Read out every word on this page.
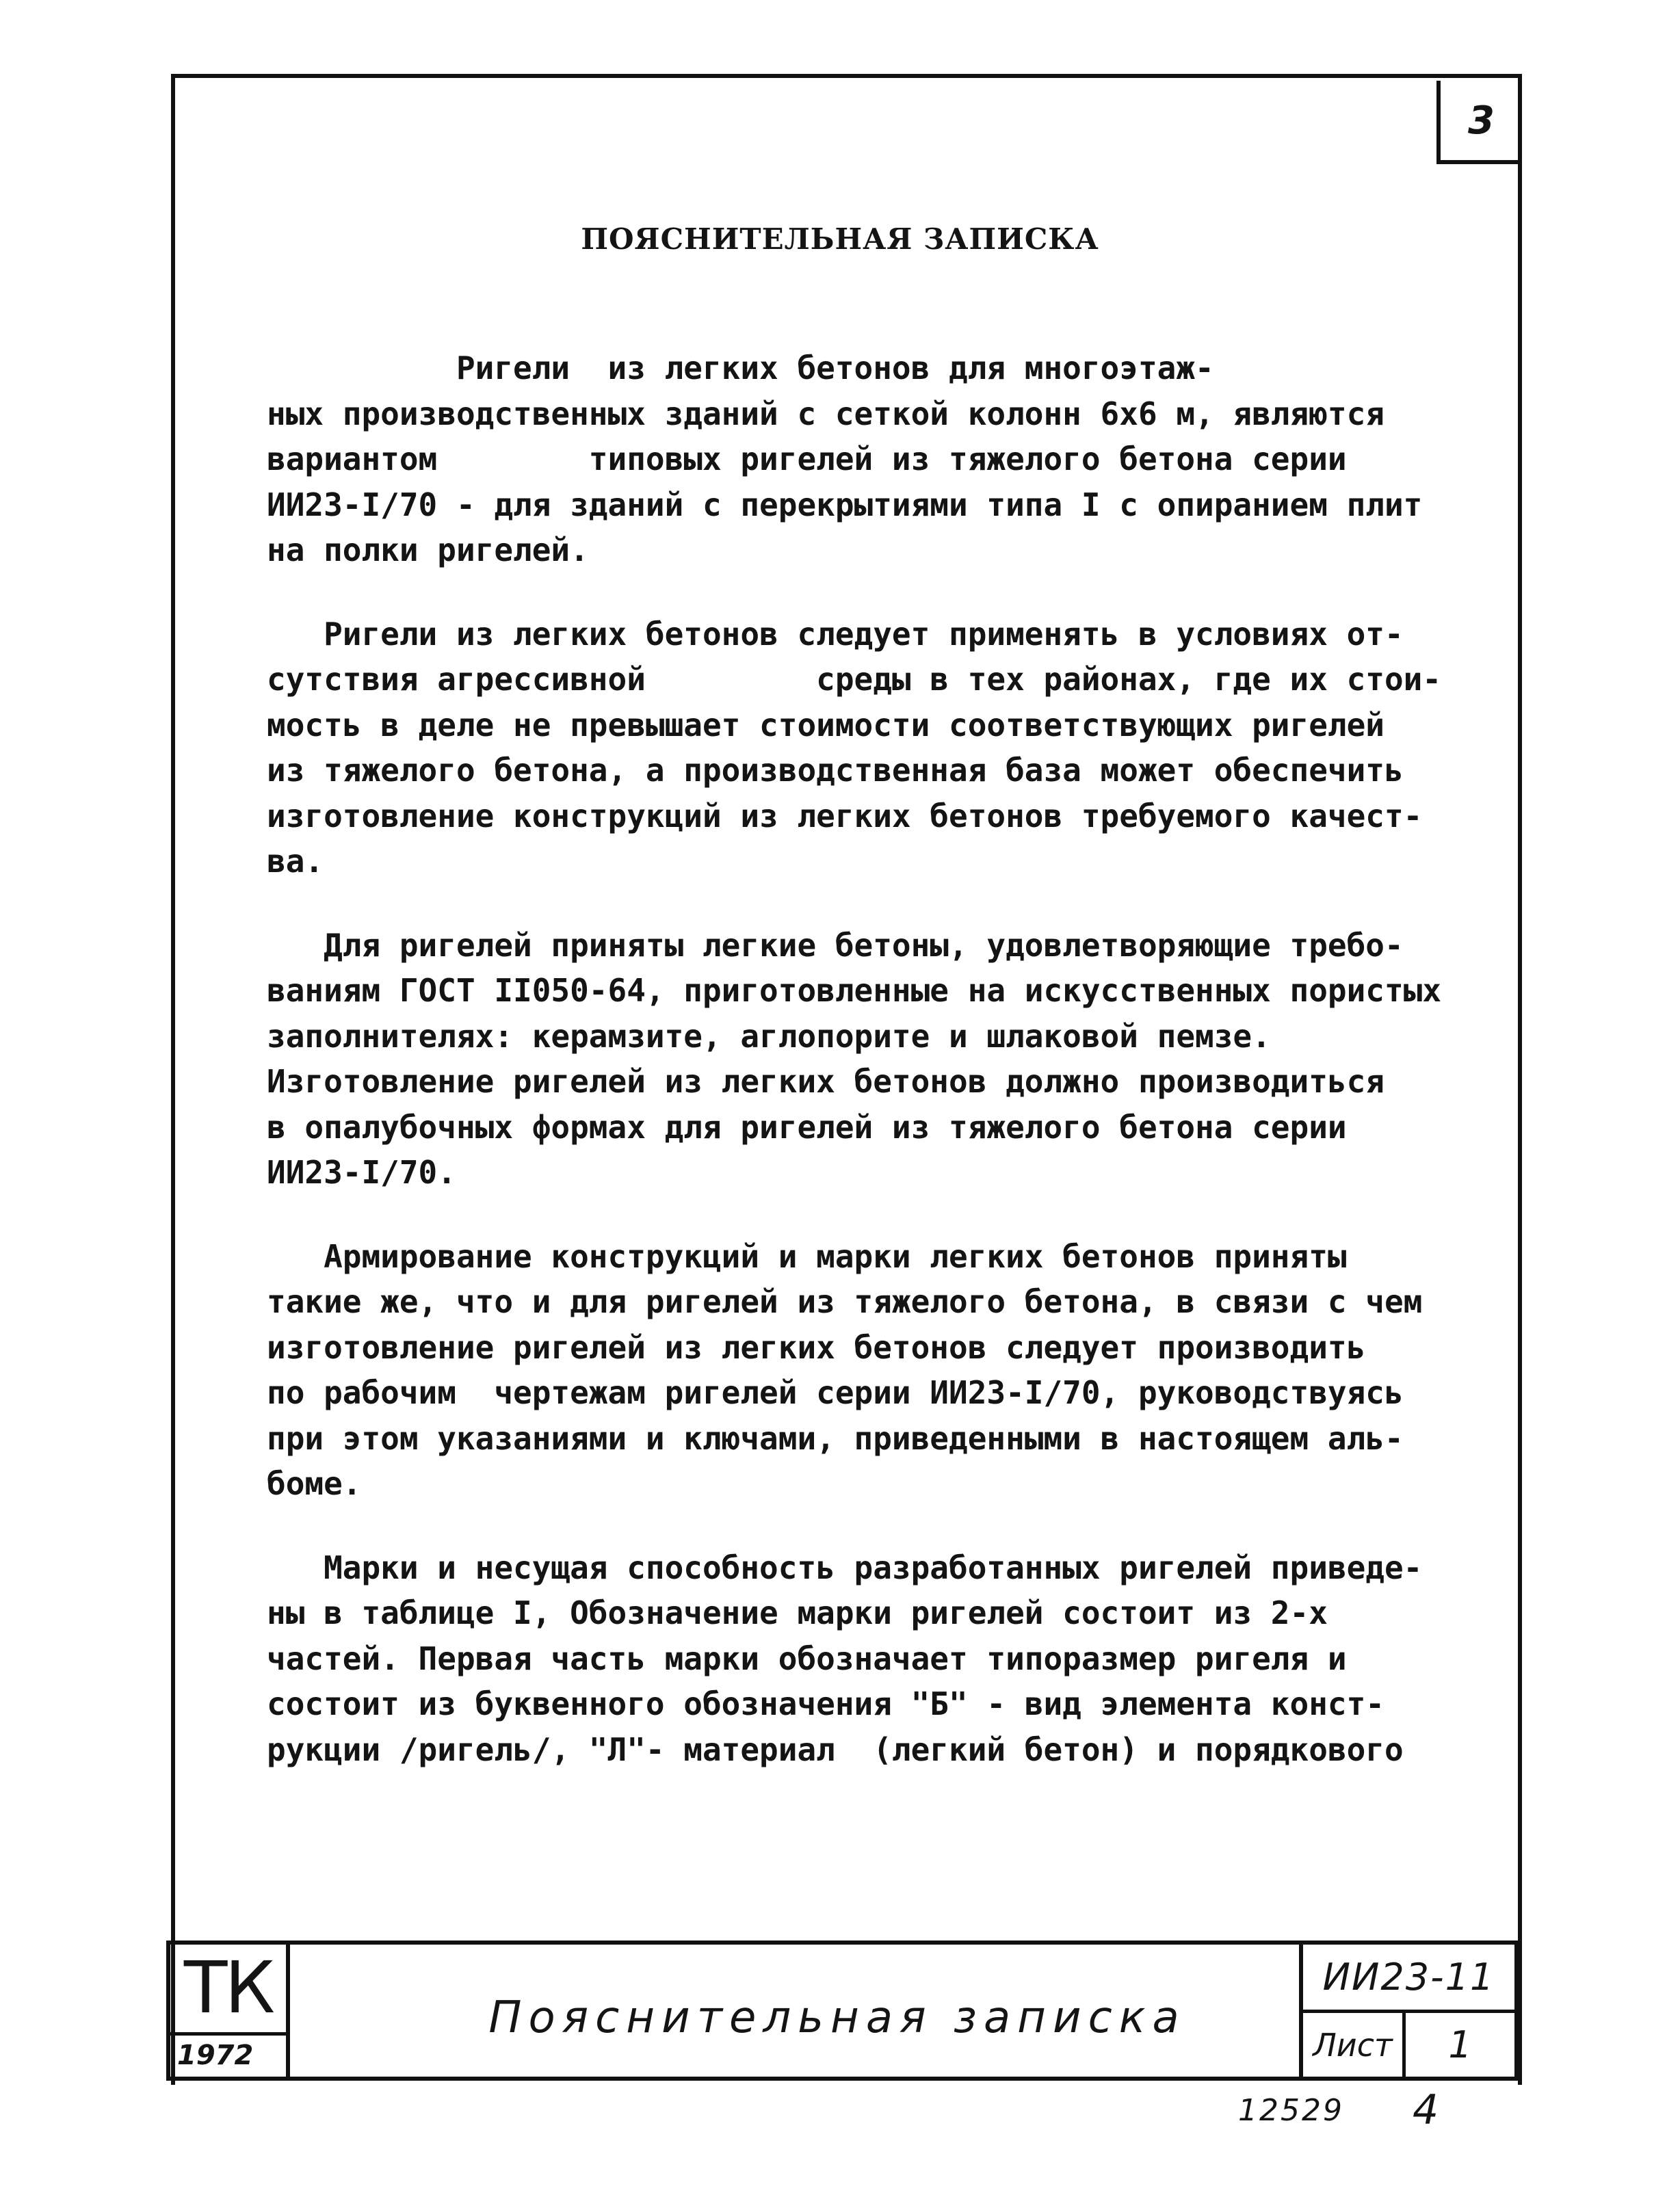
3
ПОЯСНИТЕЛЬНАЯ ЗАПИСКА
Ригели  из легких бетонов для многоэтаж-
ных производственных зданий с сеткой колонн 6х6 м, являются
вариантом        типовых ригелей из тяжелого бетона серии
ИИ23-I/70 - для зданий с перекрытиями типа I с опиранием плит
на полки ригелей.
Ригели из легких бетонов следует применять в условиях от-
сутствия агрессивной         среды в тех районах, где их стои-
мость в деле не превышает стоимости соответствующих ригелей
из тяжелого бетона, а производственная база может обеспечить
изготовление конструкций из легких бетонов требуемого качест-
ва.
Для ригелей приняты легкие бетоны, удовлетворяющие требо-
ваниям ГОСТ II050-64, приготовленные на искусственных пористых
заполнителях: керамзите, аглопорите и шлаковой пемзе.
Изготовление ригелей из легких бетонов должно производиться
в опалубочных формах для ригелей из тяжелого бетона серии
ИИ23-I/70.
Армирование конструкций и марки легких бетонов приняты
такие же, что и для ригелей из тяжелого бетона, в связи с чем
изготовление ригелей из легких бетонов следует производить
по рабочим  чертежам ригелей серии ИИ23-I/70, руководствуясь
при этом указаниями и ключами, приведенными в настоящем аль-
боме.
Марки и несущая способность разработанных ригелей приведе-
ны в таблице I, Обозначение марки ригелей состоит из 2-х
частей. Первая часть марки обозначает типоразмер ригеля и
состоит из буквенного обозначения "Б" - вид элемента конст-
рукции /ригель/, "Л"- материал  (легкий бетон) и порядкового
ТК
1972
Пояснительная записка
ИИ23-11
Лист	1
12529 4
